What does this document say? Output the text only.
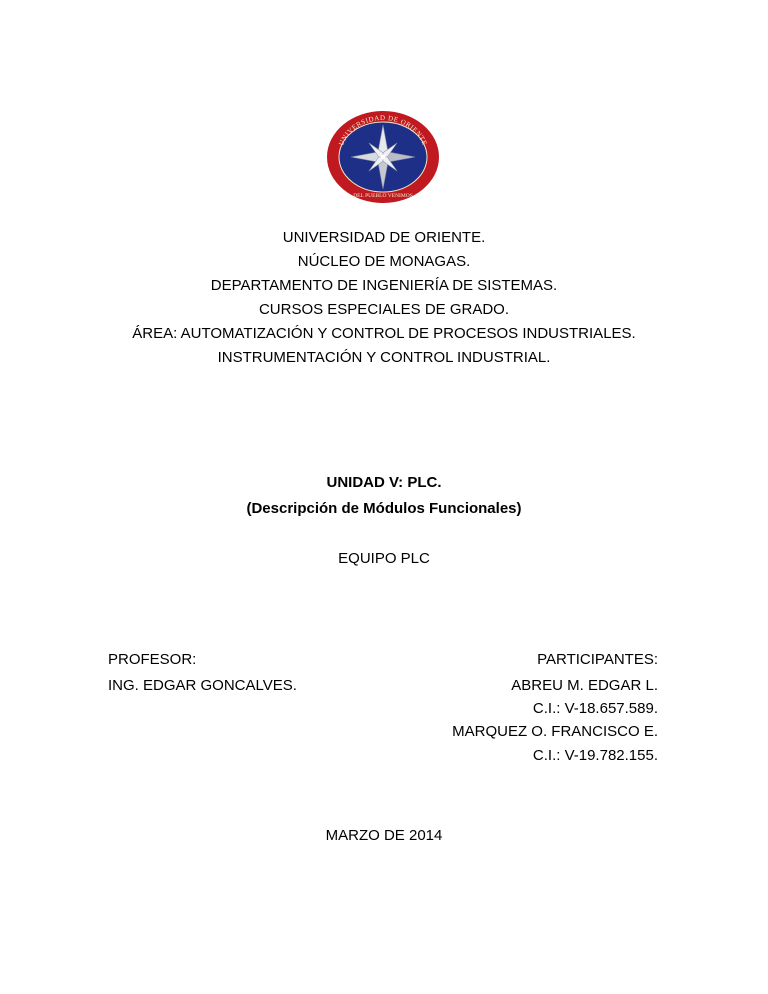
UNIVERSIDAD DE ORIENTE
DEL PUEBLO VENIMOS
UNIVERSIDAD DE ORIENTE.
NÚCLEO DE MONAGAS.
DEPARTAMENTO DE INGENIERÍA DE SISTEMAS.
CURSOS ESPECIALES DE GRADO.
ÁREA: AUTOMATIZACIÓN Y CONTROL DE PROCESOS INDUSTRIALES.
INSTRUMENTACIÓN Y CONTROL INDUSTRIAL.
UNIDAD V: PLC.
(Descripción de Módulos Funcionales)
EQUIPO PLC
PROFESOR:
ING. EDGAR GONCALVES.
PARTICIPANTES:
ABREU M. EDGAR L.
C.I.: V-18.657.589.
MARQUEZ O. FRANCISCO E.
C.I.: V-19.782.155.
MARZO DE 2014
